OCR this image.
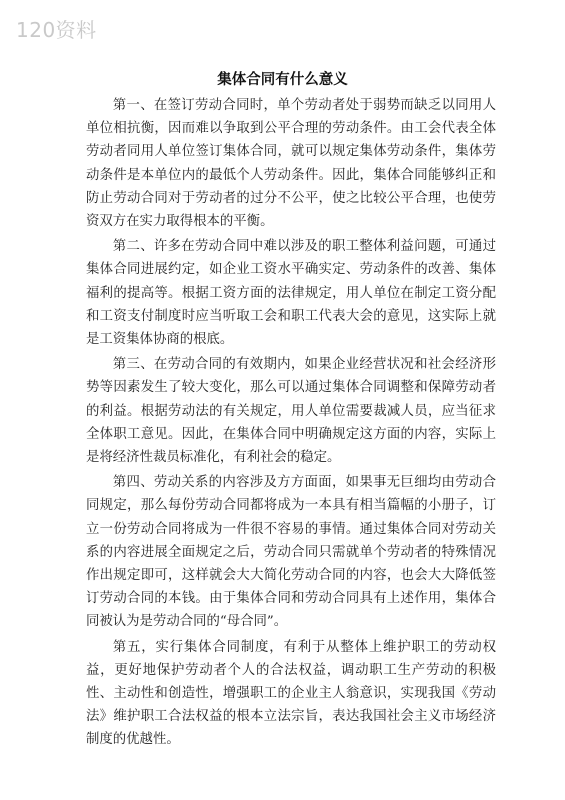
120资料
集体合同有什么意义

第一、在签订劳动合同时，单个劳动者处于弱势而缺乏以同用人单位相抗衡，因而难以争取到公平合理的劳动条件。由工会代表全体劳动者同用人单位签订集体合同，就可以规定集体劳动条件，集体劳动条件是本单位内的最低个人劳动条件。因此，集体合同能够纠正和防止劳动合同对于劳动者的过分不公平，使之比较公平合理，也使劳资双方在实力取得根本的平衡。

第二、许多在劳动合同中难以涉及的职工整体利益问题，可通过集体合同进展约定，如企业工资水平确实定、劳动条件的改善、集体福利的提高等。根据工资方面的法律规定，用人单位在制定工资分配和工资支付制度时应当听取工会和职工代表大会的意见，这实际上就是工资集体协商的根底。

第三、在劳动合同的有效期内，如果企业经营状况和社会经济形势等因素发生了较大变化，那么可以通过集体合同调整和保障劳动者的利益。根据劳动法的有关规定，用人单位需要裁减人员，应当征求全体职工意见。因此，在集体合同中明确规定这方面的内容，实际上是将经济性裁员标准化，有利社会的稳定。

第四、劳动关系的内容涉及方方面面，如果事无巨细均由劳动合同规定，那么每份劳动合同都将成为一本具有相当篇幅的小册子，订立一份劳动合同将成为一件很不容易的事情。通过集体合同对劳动关系的内容进展全面规定之后，劳动合同只需就单个劳动者的特殊情况作出规定即可，这样就会大大简化劳动合同的内容，也会大大降低签订劳动合同的本钱。由于集体合同和劳动合同具有上述作用，集体合同被认为是劳动合同的“母合同”。

第五，实行集体合同制度，有利于从整体上维护职工的劳动权益，更好地保护劳动者个人的合法权益，调动职工生产劳动的积极性、主动性和创造性，增强职工的企业主人翁意识，实现我国《劳动法》维护职工合法权益的根本立法宗旨，表达我国社会主义市场经济制度的优越性。
